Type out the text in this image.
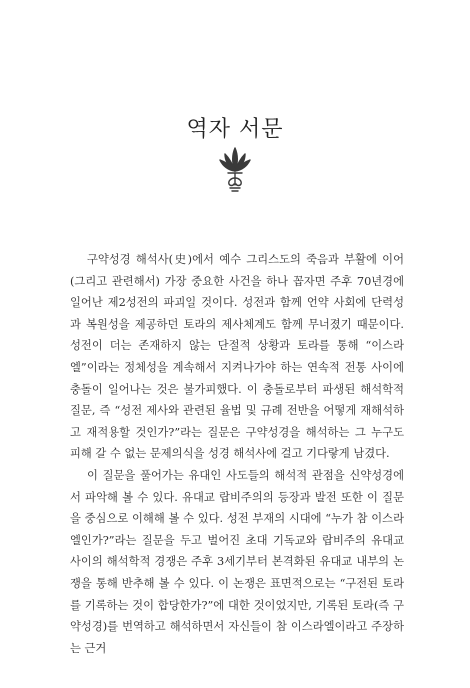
역자 서문

구약성경 해석사(史)에서 예수 그리스도의 죽음과 부활에 이어 (그리고 관련해서) 가장 중요한 사건을 하나 꼽자면 주후 70년경에 일어난 제2성전의 파괴일 것이다. 성전과 함께 언약 사회에 단력성과 복원성을 제공하던 토라의 제사체계도 함께 무너졌기 때문이다. 성전이 더는 존재하지 않는 단절적 상황과 토라를 통해 “이스라엘”이라는 정체성을 계속해서 지켜나가야 하는 연속적 전통 사이에 충돌이 일어나는 것은 불가피했다. 이 충돌로부터 파생된 해석학적 질문, 즉 “성전 제사와 관련된 율법 및 규례 전반을 어떻게 재해석하고 재적용할 것인가?”라는 질문은 구약성경을 해석하는 그 누구도 피해 갈 수 없는 문제의식을 성경 해석사에 걸고 기다랗게 남겼다.

이 질문을 풀어가는 유대인 사도들의 해석적 관점을 신약성경에서 파악해 볼 수 있다. 유대교 랍비주의의 등장과 발전 또한 이 질문을 중심으로 이해해 볼 수 있다. 성전 부재의 시대에 “누가 참 이스라엘인가?”라는 질문을 두고 벌어진 초대 기독교와 랍비주의 유대교 사이의 해석학적 경쟁은 주후 3세기부터 본격화된 유대교 내부의 논쟁을 통해 반추해 볼 수 있다. 이 논쟁은 표면적으로는 “구전된 토라를 기록하는 것이 합당한가?”에 대한 것이었지만, 기록된 토라(즉 구약성경)를 번역하고 해석하면서 자신들이 참 이스라엘이라고 주장하는 근거
